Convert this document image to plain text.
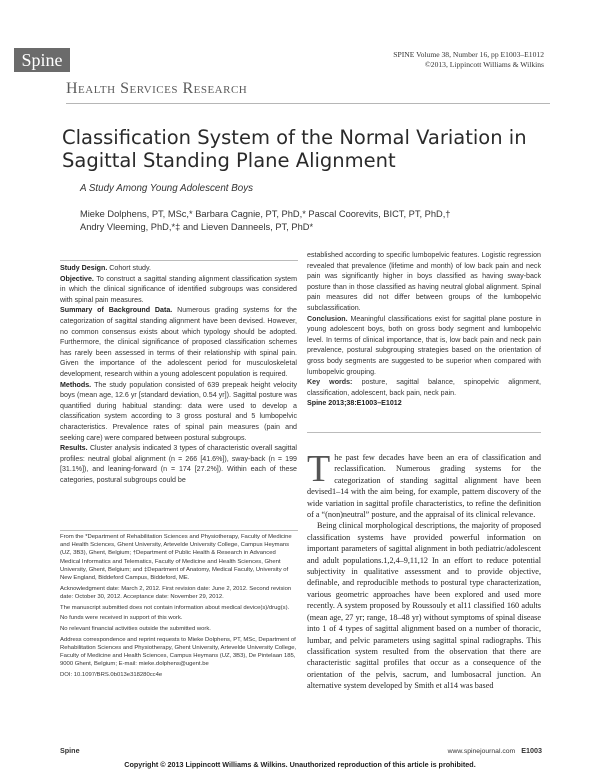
Spine	SPINE Volume 38, Number 16, pp E1003–E1012
©2013, Lippincott Williams & Wilkins
Health Services Research
Classification System of the Normal Variation in Sagittal Standing Plane Alignment
A Study Among Young Adolescent Boys
Mieke Dolphens, PT, MSc,* Barbara Cagnie, PT, PhD,* Pascal Coorevits, BICT, PT, PhD,†
Andry Vleeming, PhD,*‡ and Lieven Danneels, PT, PhD*

Study Design. Cohort study.

Objective. To construct a sagittal standing alignment classification system in which the clinical significance of identified subgroups was considered with spinal pain measures.

Summary of Background Data. Numerous grading systems for the categorization of sagittal standing alignment have been devised. However, no common consensus exists about which typology should be adopted. Furthermore, the clinical significance of proposed classification schemes has rarely been assessed in terms of their relationship with spinal pain. Given the importance of the adolescent period for musculoskeletal development, research within a young adolescent population is required.

Methods. The study population consisted of 639 prepeak height velocity boys (mean age, 12.6 yr [standard deviation, 0.54 yr]). Sagittal posture was quantified during habitual standing: data were used to develop a classification system according to 3 gross postural and 5 lumbopelvic characteristics. Prevalence rates of spinal pain measures (pain and seeking care) were compared between postural subgroups.

Results. Cluster analysis indicated 3 types of characteristic overall sagittal profiles: neutral global alignment (n = 266 [41.6%]), sway-back (n = 199 [31.1%]), and leaning-forward (n = 174 [27.2%]). Within each of these categories, postural subgroups could be

established according to specific lumbopelvic features. Logistic regression revealed that prevalence (lifetime and month) of low back pain and neck pain was significantly higher in boys classified as having sway-back posture than in those classified as having neutral global alignment. Spinal pain measures did not differ between groups of the lumbopelvic subclassification.

Conclusion. Meaningful classifications exist for sagittal plane posture in young adolescent boys, both on gross body segment and lumbopelvic level. In terms of clinical importance, that is, low back pain and neck pain prevalence, postural subgrouping strategies based on the orientation of gross body segments are suggested to be superior when compared with lumbopelvic grouping.

Key words: posture, sagittal balance, spinopelvic alignment, classification, adolescent, back pain, neck pain.

Spine 2013;38:E1003–E1012

From the *Department of Rehabilitation Sciences and Physiotherapy, Faculty of Medicine and Health Sciences, Ghent University, Artevelde University College, Campus Heymans (UZ, 3B3), Ghent, Belgium; †Department of Public Health & Research in Advanced Medical Informatics and Telematics, Faculty of Medicine and Health Sciences, Ghent University, Ghent, Belgium; and ‡Department of Anatomy, Medical Faculty, University of New England, Biddeford Campus, Biddeford, ME.

Acknowledgment date: March 2, 2012. First revision date: June 2, 2012. Second revision date: October 30, 2012. Acceptance date: November 29, 2012.

The manuscript submitted does not contain information about medical device(s)/drug(s).

No funds were received in support of this work.

No relevant financial activities outside the submitted work.

Address correspondence and reprint requests to Mieke Dolphens, PT, MSc, Department of Rehabilitation Sciences and Physiotherapy, Ghent University, Artevelde University College, Faculty of Medicine and Health Sciences, Campus Heymans (UZ, 3B3), De Pintelaan 185, 9000 Ghent, Belgium; E-mail: mieke.dolphens@ugent.be

DOI: 10.1097/BRS.0b013e318280cc4e

The past few decades have been an era of classification and reclassification. Numerous grading systems for the categorization of standing sagittal alignment have been devised1–14 with the aim being, for example, pattern discovery of the wide variation in sagittal profile characteristics, to refine the definition of a “(non)neutral” posture, and the appraisal of its clinical relevance.

Being clinical morphological descriptions, the majority of proposed classification systems have provided powerful information on important parameters of sagittal alignment in both pediatric/adolescent and adult populations.1,2,4–9,11,12 In an effort to reduce potential subjectivity in qualitative assessment and to provide objective, definable, and reproducible methods to postural type characterization, various geometric approaches have been explored and used more recently. A system proposed by Roussouly et al11 classified 160 adults (mean age, 27 yr; range, 18–48 yr) without symptoms of spinal disease into 1 of 4 types of sagittal alignment based on a number of thoracic, lumbar, and pelvic parameters using sagittal spinal radiographs. This classification system resulted from the observation that there are characteristic sagittal profiles that occur as a consequence of the orientation of the pelvis, sacrum, and lumbosacral junction. An alternative system developed by Smith et al14 was based

Spine	www.spinejournal.com E1003
Copyright © 2013 Lippincott Williams & Wilkins. Unauthorized reproduction of this article is prohibited.
